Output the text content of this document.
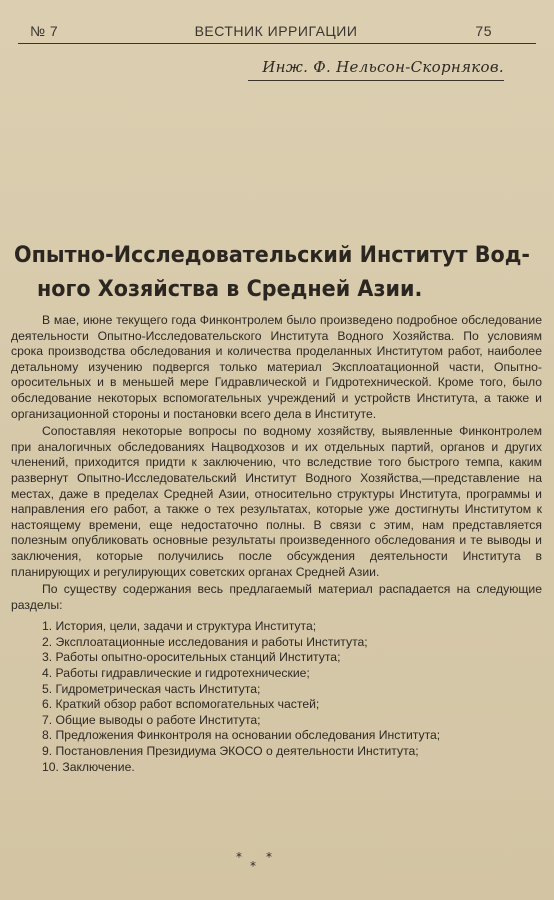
№ 7	ВЕСТНИК ИРРИГАЦИИ	75
Инж. Ф. Нельсон-Скорняков.
Опытно-Исследовательский Институт Вод-
ного Хозяйства в Средней Азии.

В мае, июне текущего года Финконтролем было произведено подробное обследование деятельности Опытно-Исследовательского Института Водного Хозяйства. По условиям срока производства обследования и количества проделанных Институтом работ, наиболее детальному изучению подвергся только материал Эксплоатационной части, Опытно-оросительных и в меньшей мере Гидравлической и Гидротехнической. Кроме того, было обследование некоторых вспомогательных учреждений и устройств Института, а также и организационной стороны и постановки всего дела в Институте.

Сопоставляя некоторые вопросы по водному хозяйству, выявленные Финконтролем при аналогичных обследованиях Нацводхозов и их отдельных партий, органов и других членений, приходится придти к заключению, что вследствие того быстрого темпа, каким развернут Опытно-Исследовательский Институт Водного Хозяйства,—представление на местах, даже в пределах Средней Азии, относительно структуры Института, программы и направления его работ, а также о тех результатах, которые уже достигнуты Институтом к настоящему времени, еще недостаточно полны. В связи с этим, нам представляется полезным опубликовать основные результаты произведенного обследования и те выводы и заключения, которые получились после обсуждения деятельности Института в планирующих и регулирующих советских органах Средней Азии.

По существу содержания весь предлагаемый материал распадается на следующие разделы:

1. История, цели, задачи и структура Института;
2. Эксплоатационные исследования и работы Института;
3. Работы опытно-оросительных станций Института;
4. Работы гидравлические и гидротехнические;
5. Гидрометрическая часть Института;
6. Краткий обзор работ вспомогательных частей;
7. Общие выводы о работе Института;
8. Предложения Финконтроля на основании обследования Института;
9. Постановления Президиума ЭКОСО о деятельности Института;
10. Заключение.
*
*
*
